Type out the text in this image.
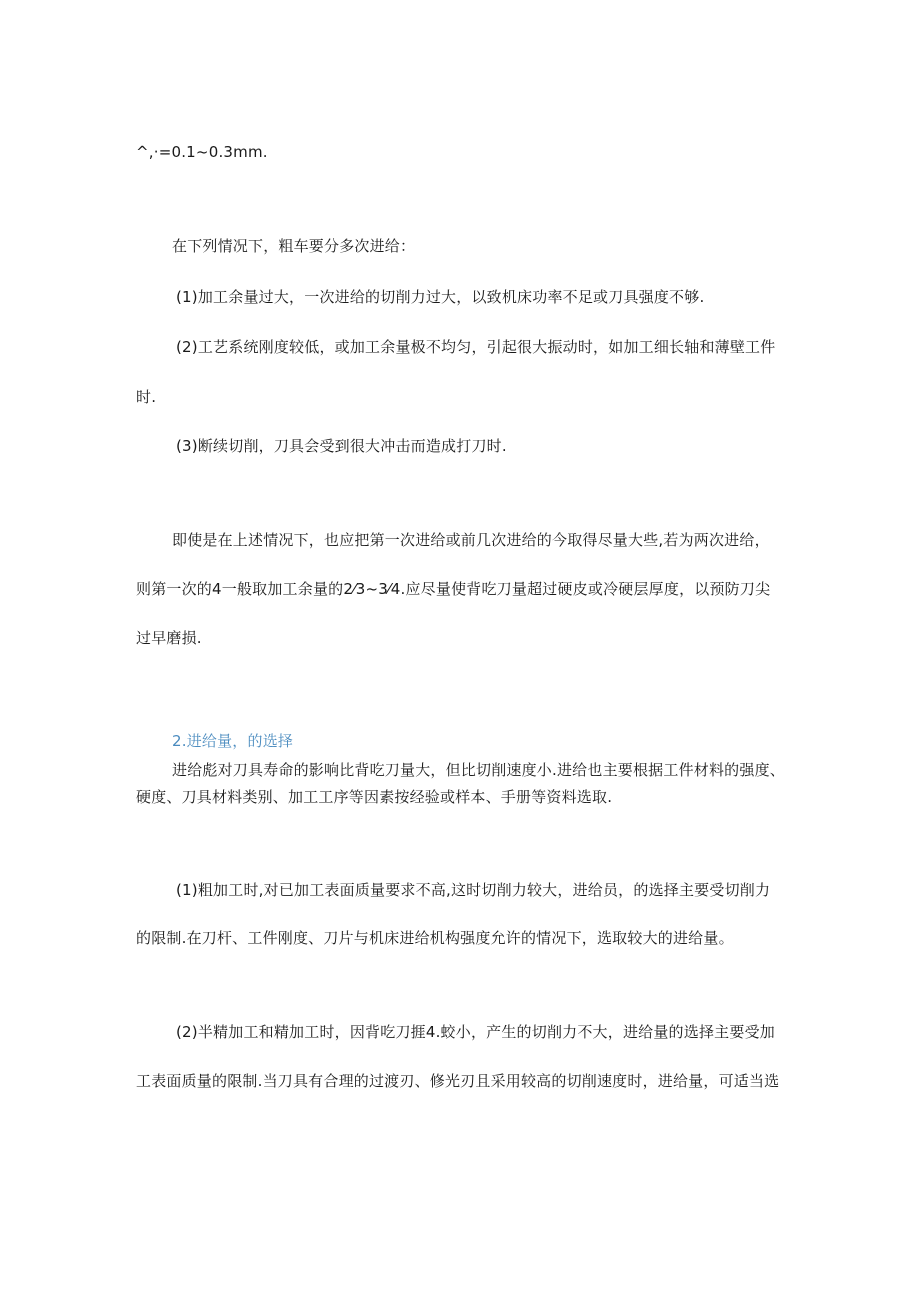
^,·=0.1~0.3mm.
在下列情况下，粗车要分多次进给：
(1)加工余量过大，一次进给的切削力过大，以致机床功率不足或刀具强度不够.
(2)工艺系统刚度较低，或加工余量极不均匀，引起很大振动时，如加工细长轴和薄壁工件
时.
(3)断续切削，刀具会受到很大冲击而造成打刀时.
即使是在上述情况下，也应把第一次进给或前几次进给的今取得尽量大些,若为两次进给，
则第一次的4一般取加工余量的2⁄3~3⁄4.应尽量使背吃刀量超过硬皮或冷硬层厚度，以预防刀尖
过早磨损.
2.进给量，的选择
进给彪对刀具寿命的影响比背吃刀量大，但比切削速度小.进给也主要根据工件材料的强度、
硬度、刀具材料类别、加工工序等因素按经验或样本、手册等资料选取.
(1)粗加工时,对已加工表面质量要求不高,这时切削力较大，进给员，的选择主要受切削力
的限制.在刀杆、工件刚度、刀片与机床进给机构强度允许的情况下，选取较大的进给量。
(2)半精加工和精加工时，因背吃刀捱4.蛟小，产生的切削力不大，进给量的选择主要受加
工表面质量的限制.当刀具有合理的过渡刃、修光刃且采用较高的切削速度时，进给量，可适当选
